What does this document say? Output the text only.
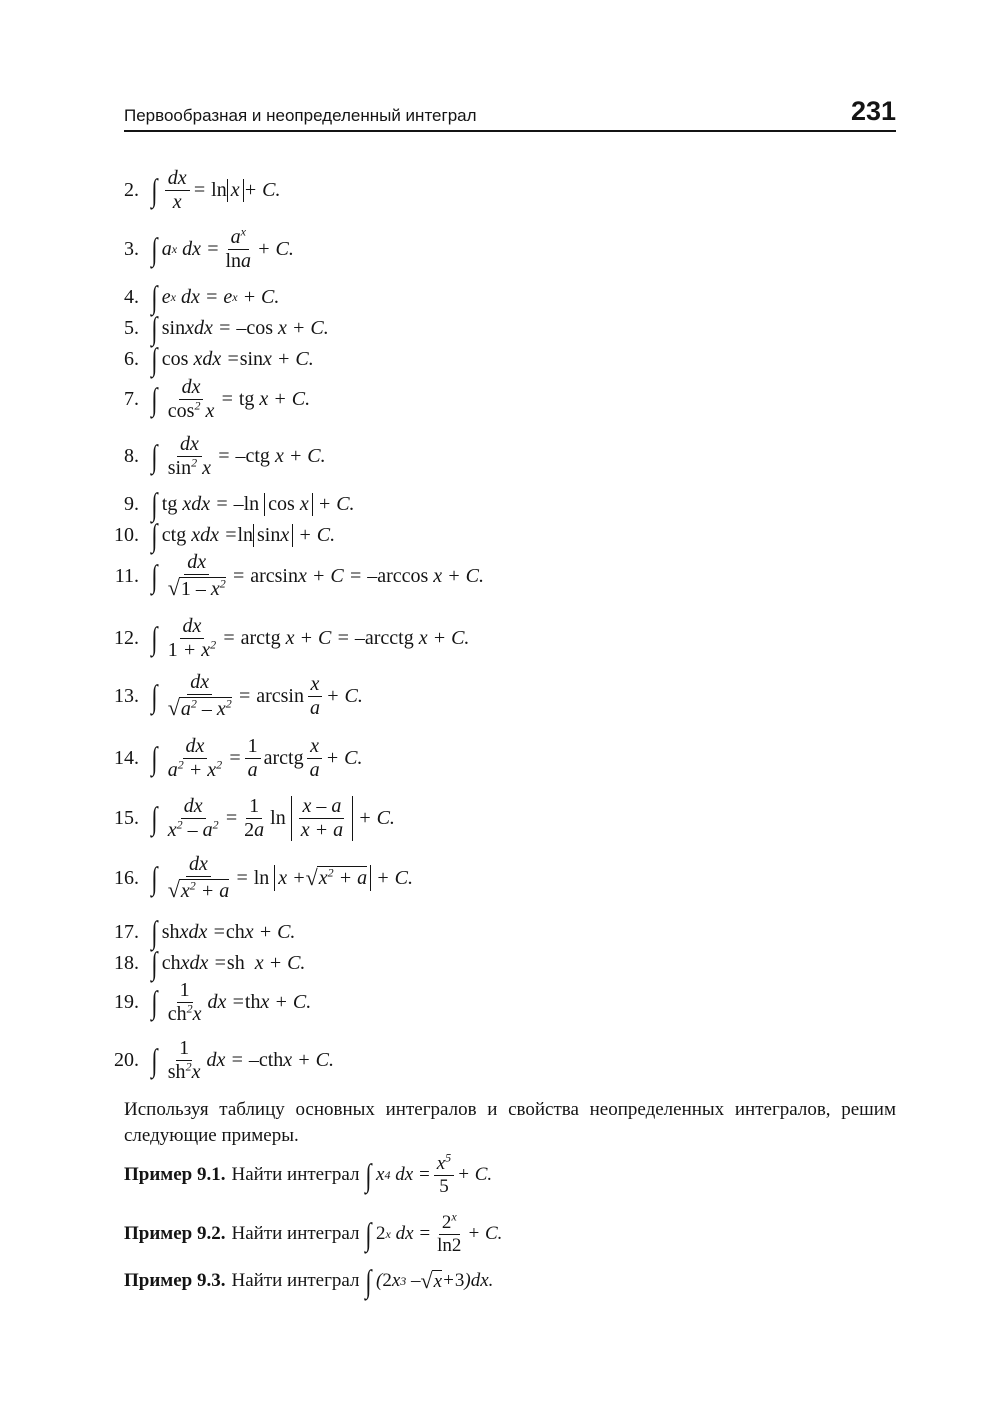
Первообразная и неопределенный интеграл	231
2. ∫ $\frac{dx}{x} = \ln x + C$.
3. ∫ a x dx = $\frac{a^x}{\ln a} + C$.
4. ∫ e x dx = e x + C.
5. ∫ sin xdx = – cos x + C.
6. ∫ cos xdx = sin x + C.
7. ∫ $\frac{dx}{\cos^2 x}$ = tg x + C.
8. ∫ $\frac{dx}{\sin^2 x}$ = – ctg x + C.
9. ∫ tg xdx = – ln
cos x + C.
10. ∫ ctg xdx = ln sin x + C.
11. ∫ $\frac{dx}{√1 - x^2} = \arcsin x + C$ = – arccos x + C.
12. ∫ $\frac{dx}{1 + x^2}$ = arctg x + C = – arcctg x + C.
13. ∫ $\frac{dx}{√a^2 - x^2} = \arcsin \frac{x}{a} + C$.
14. ∫ $\frac{dx}{a^2 + x^2} = \frac{1}{a}$ arctg $\frac{x}{a} + C$.
15. ∫ $\frac{dx}{x^2 - a^2} = \frac{1}{2a}$ ln
$\frac{x - a}{x + a} + C$.
16. ∫ $\frac{dx}{√x^2 + a} = \ln$
x + √ $x^2 + a + C$.
17. ∫ sh xdx = ch x + C.
18. ∫ ch xdx = sh x + C.
19. ∫ $\frac{1}{ch^2x}$ dx = th x + C.
20. ∫ $\frac{1}{sh^2x}$ dx = – cth x + C.
Используя таблицу основных интегралов и свойства неопределенных интегралов, решим следующие примеры.
Пример 9.1. Найти интеграл
∫ x 4 dx = $\frac{x^5}{5} + C$.
Пример 9.2. Найти интеграл
∫ 2 x dx = $\frac{2^x}{\ln 2} + C$.
Пример 9.3. Найти интеграл
∫ ( 2 x 3 – √ x + 3 )dx.
